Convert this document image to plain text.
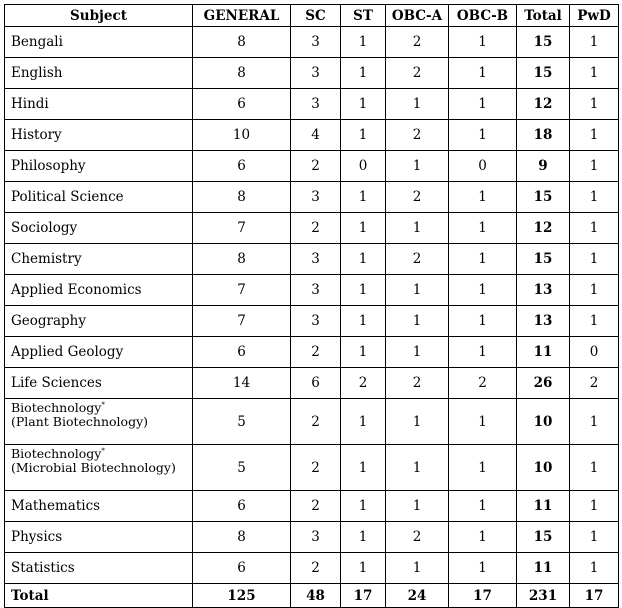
Subject	GENERAL	SC	ST	OBC-A	OBC-B	Total	PwD
Bengali	8	3	1	2	1	15	1
English	8	3	1	2	1	15	1
Hindi	6	3	1	1	1	12	1
History	10	4	1	2	1	18	1
Philosophy	6	2	0	1	0	9	1
Political Science	8	3	1	2	1	15	1
Sociology	7	2	1	1	1	12	1
Chemistry	8	3	1	2	1	15	1
Applied Economics	7	3	1	1	1	13	1
Geography	7	3	1	1	1	13	1
Applied Geology	6	2	1	1	1	11	0
Life Sciences	14	6	2	2	2	26	2
Biotechnology*
(Plant Biotechnology)	5	2	1	1	1	10	1
Biotechnology*
(Microbial Biotechnology)	5	2	1	1	1	10	1
Mathematics	6	2	1	1	1	11	1
Physics	8	3	1	2	1	15	1
Statistics	6	2	1	1	1	11	1
Total	125	48	17	24	17	231	17
